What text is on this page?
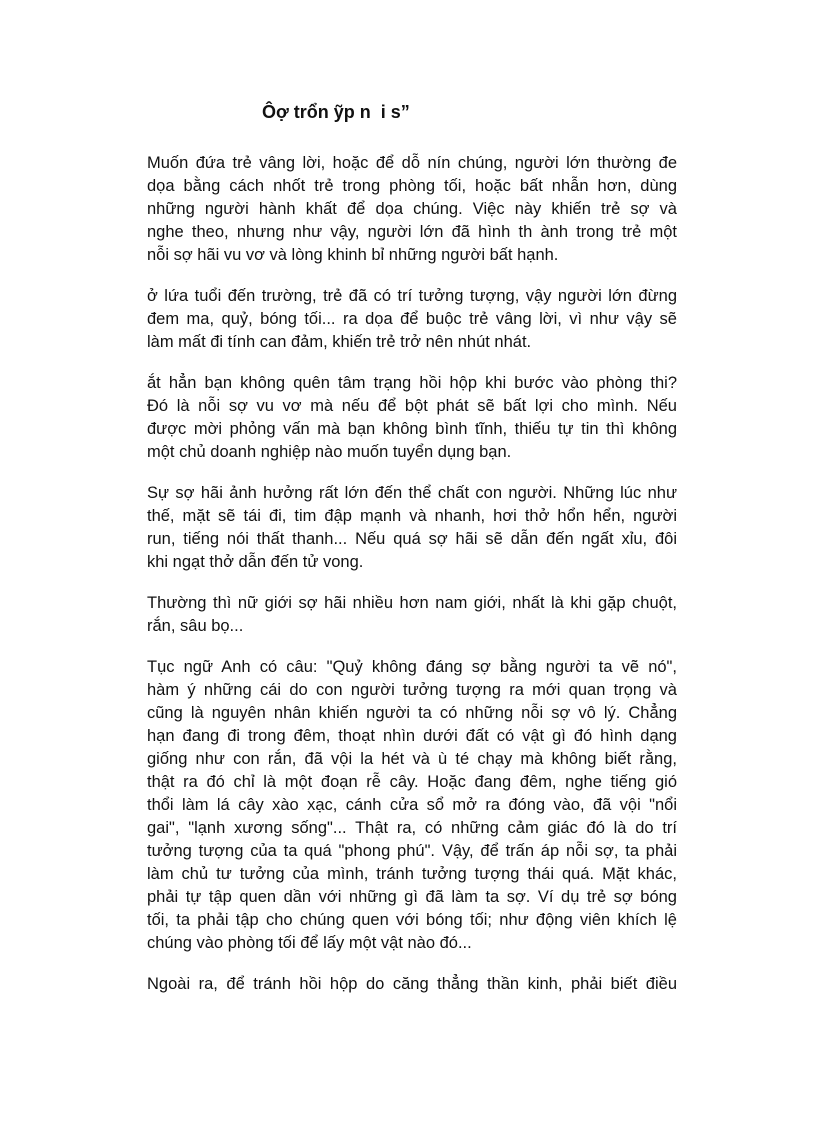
Ôợ trổn ỹp n  i s”
Muốn đứa trẻ vâng lời, hoặc để dỗ nín chúng, người lớn thường đe
dọa bằng cách nhốt trẻ trong phòng tối, hoặc bất nhẫn hơn, dùng
những người hành khất để dọa chúng. Việc này khiến trẻ sợ và
nghe theo, nhưng như vậy, người lớn đã hình th ành trong trẻ một
nỗi sợ hãi vu vơ và lòng khinh bỉ những người bất hạnh.
ở lứa tuổi đến trường, trẻ đã có trí tưởng tượng, vậy người lớn đừng
đem ma, quỷ, bóng tối... ra dọa để buộc trẻ vâng lời, vì như vậy sẽ
làm mất đi tính can đảm, khiến trẻ trở nên nhút nhát.
ắt hẳn bạn không quên tâm trạng hồi hộp khi bước vào phòng thi?
Đó là nỗi sợ vu vơ mà nếu để bột phát sẽ bất lợi cho mình. Nếu
được mời phỏng vấn mà bạn không bình tĩnh, thiếu tự tin thì không
một chủ doanh nghiệp nào muốn tuyển dụng bạn.
Sự sợ hãi ảnh hưởng rất lớn đến thể chất con người. Những lúc như
thế, mặt sẽ tái đi, tim đập mạnh và nhanh, hơi thở hổn hển, người
run, tiếng nói thất thanh... Nếu quá sợ hãi sẽ dẫn đến ngất xỉu, đôi
khi ngạt thở dẫn đến tử vong.
Thường thì nữ giới sợ hãi nhiều hơn nam giới, nhất là khi gặp chuột,
rắn, sâu bọ...
Tục ngữ Anh có câu: "Quỷ không đáng sợ bằng người ta vẽ nó",
hàm ý những cái do con người tưởng tượng ra mới quan trọng và
cũng là nguyên nhân khiến người ta có những nỗi sợ vô lý. Chẳng
hạn đang đi trong đêm, thoạt nhìn dưới đất có vật gì đó hình dạng
giống như con rắn, đã vội la hét và ù té chạy mà không biết rằng,
thật ra đó chỉ là một đoạn rễ cây. Hoặc đang đêm, nghe tiếng gió
thổi làm lá cây xào xạc, cánh cửa sổ mở ra đóng vào, đã vội "nổi
gai", "lạnh xương sống"... Thật ra, có những cảm giác đó là do trí
tưởng tượng của ta quá "phong phú". Vậy, để trấn áp nỗi sợ, ta phải
làm chủ tư tưởng của mình, tránh tưởng tượng thái quá. Mặt khác,
phải tự tập quen dần với những gì đã làm ta sợ. Ví dụ trẻ sợ bóng
tối, ta phải tập cho chúng quen với bóng tối; như động viên khích lệ
chúng vào phòng tối để lấy một vật nào đó...
Ngoài ra, để tránh hồi hộp do căng thẳng thần kinh, phải biết điều
